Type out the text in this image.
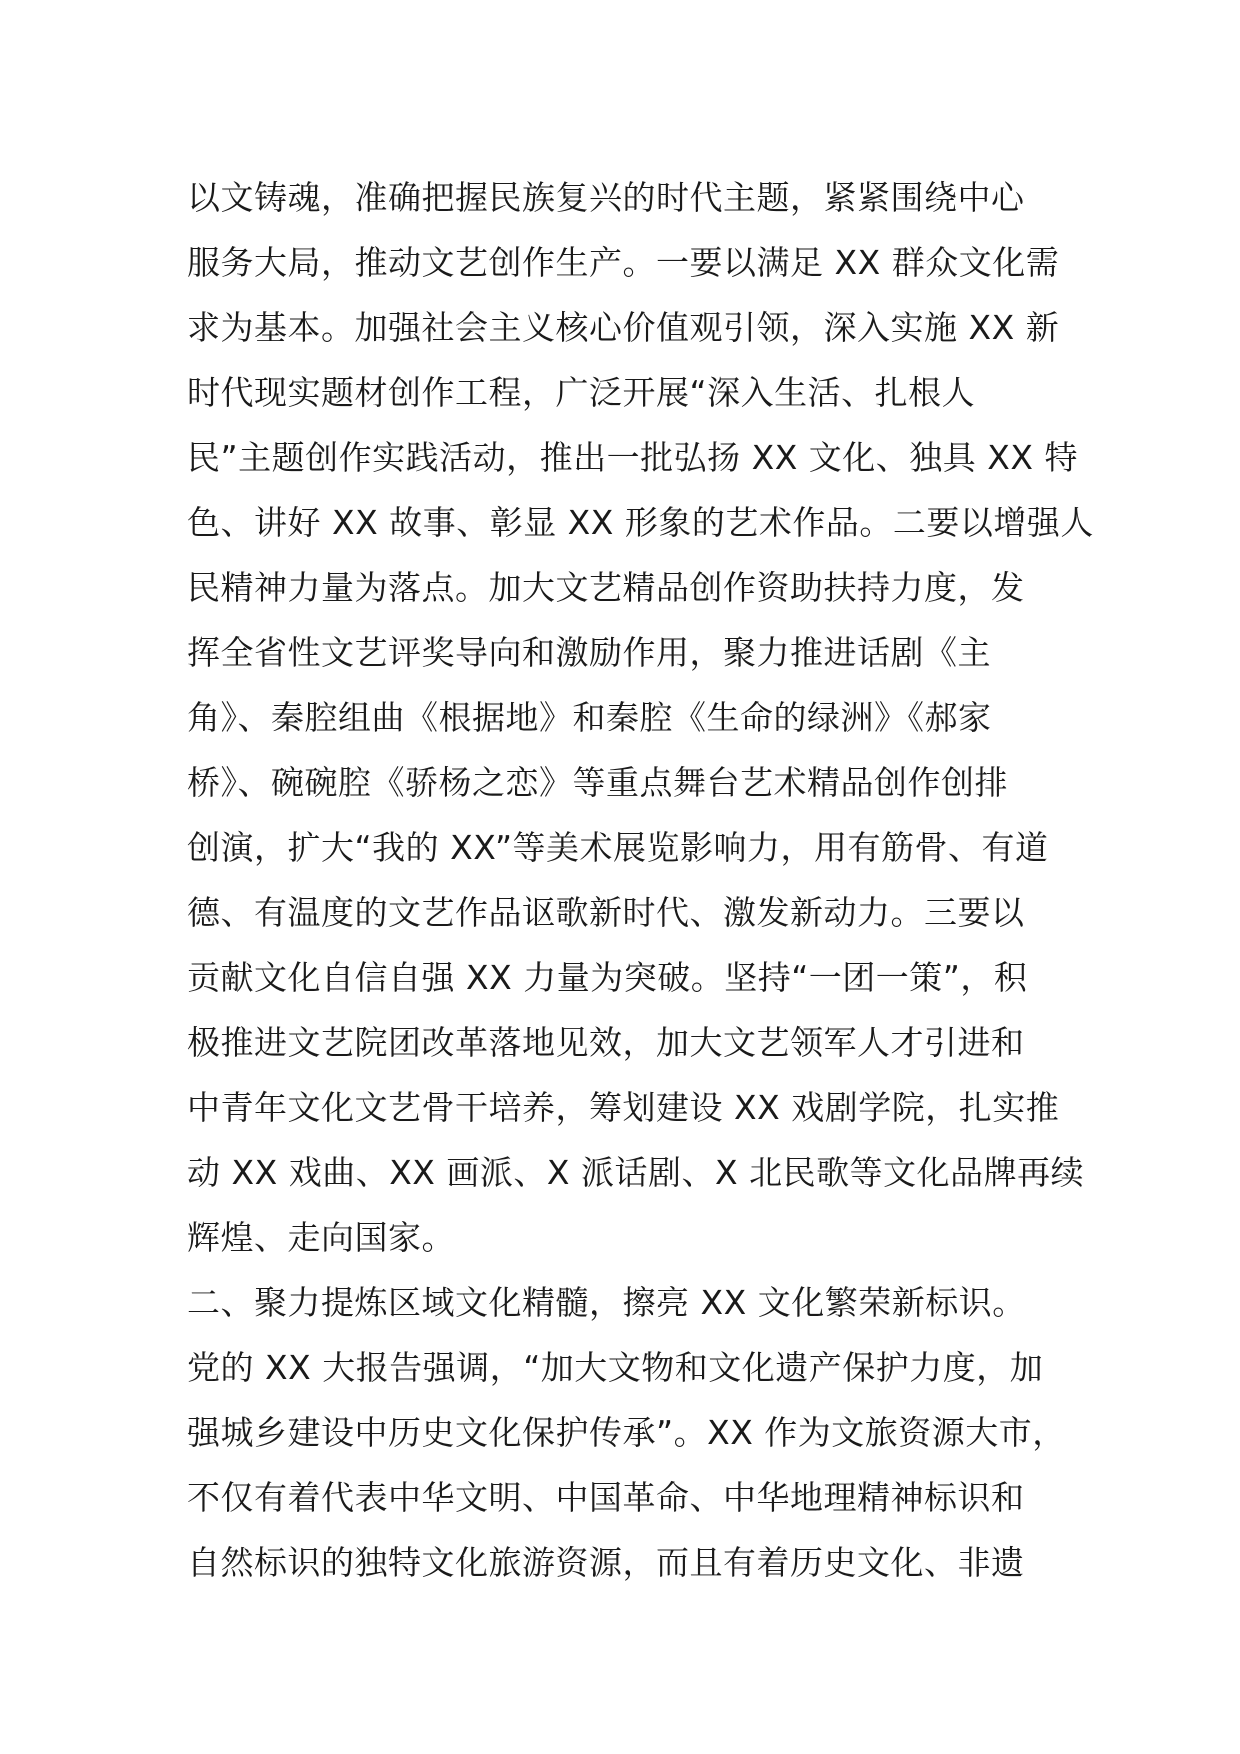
以文铸魂，准确把握民族复兴的时代主题，紧紧围绕中心
服务大局，推动文艺创作生产。一要以满足 XX 群众文化需
求为基本。加强社会主义核心价值观引领，深入实施 XX 新
时代现实题材创作工程，广泛开展“深入生活、扎根人
民”主题创作实践活动，推出一批弘扬 XX 文化、独具 XX 特
色、讲好 XX 故事、彰显 XX 形象的艺术作品。二要以增强人
民精神力量为落点。加大文艺精品创作资助扶持力度，发
挥全省性文艺评奖导向和激励作用，聚力推进话剧《主
角》、秦腔组曲《根据地》和秦腔《生命的绿洲》《郝家
桥》、碗碗腔《骄杨之恋》等重点舞台艺术精品创作创排
创演，扩大“我的 XX”等美术展览影响力，用有筋骨、有道
德、有温度的文艺作品讴歌新时代、激发新动力。三要以
贡献文化自信自强 XX 力量为突破。坚持“一团一策”，积
极推进文艺院团改革落地见效，加大文艺领军人才引进和
中青年文化文艺骨干培养，筹划建设 XX 戏剧学院，扎实推
动 XX 戏曲、XX 画派、X 派话剧、X 北民歌等文化品牌再续
辉煌、走向国家。
二、聚力提炼区域文化精髓，擦亮 XX 文化繁荣新标识。
党的 XX 大报告强调，“加大文物和文化遗产保护力度，加
强城乡建设中历史文化保护传承”。XX 作为文旅资源大市，
不仅有着代表中华文明、中国革命、中华地理精神标识和
自然标识的独特文化旅游资源，而且有着历史文化、非遗
